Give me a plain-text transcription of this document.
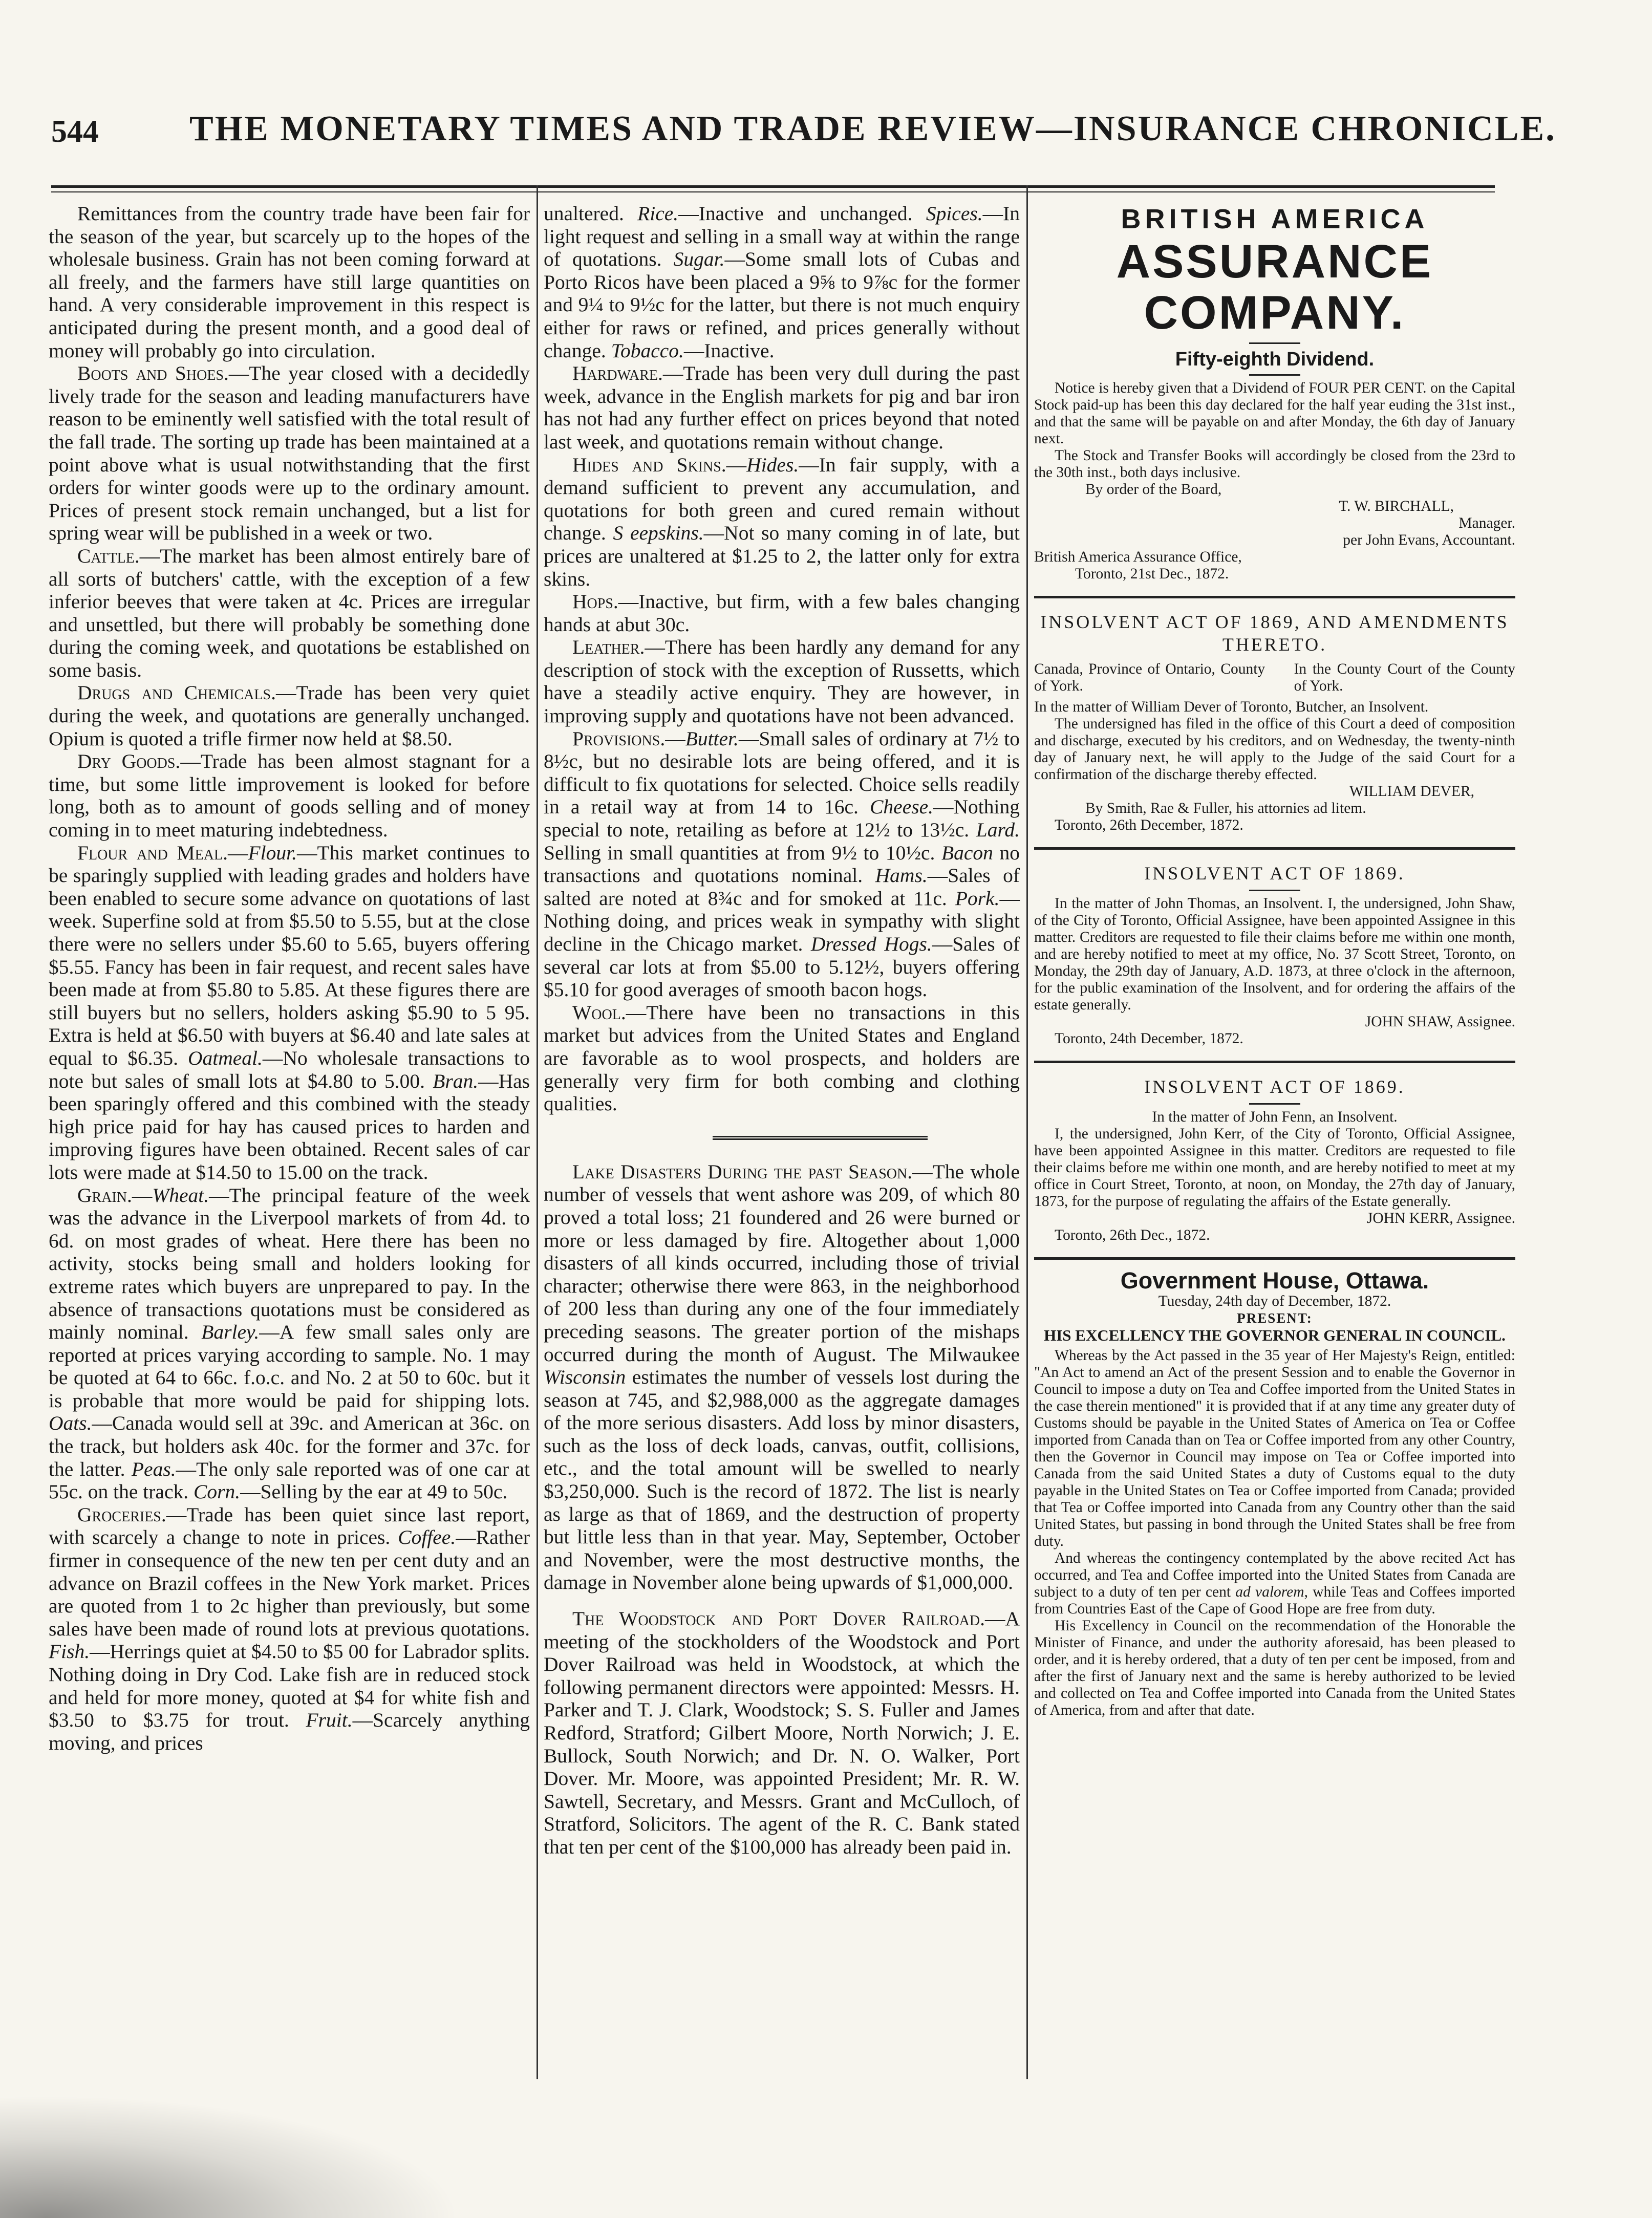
544	THE MONETARY TIMES AND TRADE REVIEW—INSURANCE CHRONICLE.

Remittances from the country trade have been fair for the season of the year, but scarcely up to the hopes of the wholesale business. Grain has not been coming forward at all freely, and the farmers have still large quantities on hand. A very considerable improvement in this respect is anticipated during the present month, and a good deal of money will probably go into circulation.

Boots and Shoes.—The year closed with a decidedly lively trade for the season and leading manufacturers have reason to be eminently well satisfied with the total result of the fall trade. The sorting up trade has been maintained at a point above what is usual notwithstanding that the first orders for winter goods were up to the ordinary amount. Prices of present stock remain unchanged, but a list for spring wear will be published in a week or two.

Cattle.—The market has been almost entirely bare of all sorts of butchers' cattle, with the exception of a few inferior beeves that were taken at 4c. Prices are irregular and unsettled, but there will probably be something done during the coming week, and quotations be established on some basis.

Drugs and Chemicals.—Trade has been very quiet during the week, and quotations are generally unchanged. Opium is quoted a trifle firmer now held at $8.50.

Dry Goods.—Trade has been almost stagnant for a time, but some little improvement is looked for before long, both as to amount of goods selling and of money coming in to meet maturing indebtedness.

Flour and Meal.—Flour.—This market continues to be sparingly supplied with leading grades and holders have been enabled to secure some advance on quotations of last week. Superfine sold at from $5.50 to 5.55, but at the close there were no sellers under $5.60 to 5.65, buyers offering $5.55. Fancy has been in fair request, and recent sales have been made at from $5.80 to 5.85. At these figures there are still buyers but no sellers, holders asking $5.90 to 5 95. Extra is held at $6.50 with buyers at $6.40 and late sales at equal to $6.35. Oatmeal.—No wholesale transactions to note but sales of small lots at $4.80 to 5.00. Bran.—Has been sparingly offered and this combined with the steady high price paid for hay has caused prices to harden and improving figures have been obtained. Recent sales of car lots were made at $14.50 to 15.00 on the track.

Grain.—Wheat.—The principal feature of the week was the advance in the Liverpool markets of from 4d. to 6d. on most grades of wheat. Here there has been no activity, stocks being small and holders looking for extreme rates which buyers are unprepared to pay. In the absence of transactions quotations must be considered as mainly nominal. Barley.—A few small sales only are reported at prices varying according to sample. No. 1 may be quoted at 64 to 66c. f.o.c. and No. 2 at 50 to 60c. but it is probable that more would be paid for shipping lots. Oats.—Canada would sell at 39c. and American at 36c. on the track, but holders ask 40c. for the former and 37c. for the latter. Peas.—The only sale reported was of one car at 55c. on the track. Corn.—Selling by the ear at 49 to 50c.

Groceries.—Trade has been quiet since last report, with scarcely a change to note in prices. Coffee.—Rather firmer in consequence of the new ten per cent duty and an advance on Brazil coffees in the New York market. Prices are quoted from 1 to 2c higher than previously, but some sales have been made of round lots at previous quotations. Fish.—Herrings quiet at $4.50 to $5 00 for Labrador splits. Nothing doing in Dry Cod. Lake fish are in reduced stock and held for more money, quoted at $4 for white fish and $3.50 to $3.75 for trout. Fruit.—Scarcely anything moving, and prices

unaltered. Rice.—Inactive and unchanged. Spices.—In light request and selling in a small way at within the range of quotations. Sugar.—Some small lots of Cubas and Porto Ricos have been placed a 9⅝ to 9⅞c for the former and 9¼ to 9½c for the latter, but there is not much enquiry either for raws or refined, and prices generally without change. Tobacco.—Inactive.

Hardware.—Trade has been very dull during the past week, advance in the English markets for pig and bar iron has not had any further effect on prices beyond that noted last week, and quotations remain without change.

Hides and Skins.—Hides.—In fair supply, with a demand sufficient to prevent any accumulation, and quotations for both green and cured remain without change. S eepskins.—Not so many coming in of late, but prices are unaltered at $1.25 to 2, the latter only for extra skins.

Hops.—Inactive, but firm, with a few bales changing hands at abut 30c.

Leather.—There has been hardly any demand for any description of stock with the exception of Russetts, which have a steadily active enquiry. They are however, in improving supply and quotations have not been advanced.

Provisions.—Butter.—Small sales of ordinary at 7½ to 8½c, but no desirable lots are being offered, and it is difficult to fix quotations for selected. Choice sells readily in a retail way at from 14 to 16c. Cheese.—Nothing special to note, retailing as before at 12½ to 13½c. Lard. Selling in small quantities at from 9½ to 10½c. Bacon no transactions and quotations nominal. Hams.—Sales of salted are noted at 8¾c and for smoked at 11c. Pork.—Nothing doing, and prices weak in sympathy with slight decline in the Chicago market. Dressed Hogs.—Sales of several car lots at from $5.00 to 5.12½, buyers offering $5.10 for good averages of smooth bacon hogs.

Wool.—There have been no transactions in this market but advices from the United States and England are favorable as to wool prospects, and holders are generally very firm for both combing and clothing qualities.

Lake Disasters During the past Season.—The whole number of vessels that went ashore was 209, of which 80 proved a total loss; 21 foundered and 26 were burned or more or less damaged by fire. Altogether about 1,000 disasters of all kinds occurred, including those of trivial character; otherwise there were 863, in the neighborhood of 200 less than during any one of the four immediately preceding seasons. The greater portion of the mishaps occurred during the month of August. The Milwaukee Wisconsin estimates the number of vessels lost during the season at 745, and $2,988,000 as the aggregate damages of the more serious disasters. Add loss by minor disasters, such as the loss of deck loads, canvas, outfit, collisions, etc., and the total amount will be swelled to nearly $3,250,000. Such is the record of 1872. The list is nearly as large as that of 1869, and the destruction of property but little less than in that year. May, September, October and November, were the most destructive months, the damage in November alone being upwards of $1,000,000.

The Woodstock and Port Dover Railroad.—A meeting of the stockholders of the Woodstock and Port Dover Railroad was held in Woodstock, at which the following permanent directors were appointed: Messrs. H. Parker and T. J. Clark, Woodstock; S. S. Fuller and James Redford, Stratford; Gilbert Moore, North Norwich; J. E. Bullock, South Norwich; and Dr. N. O. Walker, Port Dover. Mr. Moore, was appointed President; Mr. R. W. Sawtell, Secretary, and Messrs. Grant and McCulloch, of Stratford, Solicitors. The agent of the R. C. Bank stated that ten per cent of the $100,000 has already been paid in.

BRITISH AMERICA
ASSURANCE COMPANY.
Fifty-eighth Dividend.

Notice is hereby given that a Dividend of FOUR PER CENT. on the Capital Stock paid-up has been this day declared for the half year euding the 31st inst., and that the same will be payable on and after Monday, the 6th day of January next.

The Stock and Transfer Books will accordingly be closed from the 23rd to the 30th inst., both days inclusive.

By order of the Board,

T. W. BIRCHALL,

Manager.

per John Evans, Accountant.

British America Assurance Office,

Toronto, 21st Dec., 1872.

INSOLVENT ACT OF 1869, AND AMENDMENTS THERETO.
Canada, Province of Ontario, County of York.
In the County Court of the County of York.

In the matter of William Dever of Toronto, Butcher, an Insolvent.

The undersigned has filed in the office of this Court a deed of composition and discharge, executed by his creditors, and on Wednesday, the twenty-ninth day of January next, he will apply to the Judge of the said Court for a confirmation of the discharge thereby effected.

WILLIAM DEVER,

By Smith, Rae & Fuller, his attornies ad litem.

Toronto, 26th December, 1872.

INSOLVENT ACT OF 1869.

In the matter of John Thomas, an Insolvent. I, the undersigned, John Shaw, of the City of Toronto, Official Assignee, have been appointed Assignee in this matter. Creditors are requested to file their claims before me within one month, and are hereby notified to meet at my office, No. 37 Scott Street, Toronto, on Monday, the 29th day of January, A.D. 1873, at three o'clock in the afternoon, for the public examination of the Insolvent, and for ordering the affairs of the estate generally.

JOHN SHAW, Assignee.

Toronto, 24th December, 1872.

INSOLVENT ACT OF 1869.

In the matter of John Fenn, an Insolvent.

I, the undersigned, John Kerr, of the City of Toronto, Official Assignee, have been appointed Assignee in this matter. Creditors are requested to file their claims before me within one month, and are hereby notified to meet at my office in Court Street, Toronto, at noon, on Monday, the 27th day of January, 1873, for the purpose of regulating the affairs of the Estate generally.

JOHN KERR, Assignee.

Toronto, 26th Dec., 1872.

Government House, Ottawa.

Tuesday, 24th day of December, 1872.

PRESENT:
HIS EXCELLENCY THE GOVERNOR GENERAL IN COUNCIL.

Whereas by the Act passed in the 35 year of Her Majesty's Reign, entitled: "An Act to amend an Act of the present Session and to enable the Governor in Council to impose a duty on Tea and Coffee imported from the United States in the case therein mentioned" it is provided that if at any time any greater duty of Customs should be payable in the United States of America on Tea or Coffee imported from Canada than on Tea or Coffee imported from any other Country, then the Governor in Council may impose on Tea or Coffee imported into Canada from the said United States a duty of Customs equal to the duty payable in the United States on Tea or Coffee imported from Canada; provided that Tea or Coffee imported into Canada from any Country other than the said United States, but passing in bond through the United States shall be free from duty.

And whereas the contingency contemplated by the above recited Act has occurred, and Tea and Coffee imported into the United States from Canada are subject to a duty of ten per cent ad valorem, while Teas and Coffees imported from Countries East of the Cape of Good Hope are free from duty.

His Excellency in Council on the recommendation of the Honorable the Minister of Finance, and under the authority aforesaid, has been pleased to order, and it is hereby ordered, that a duty of ten per cent be imposed, from and after the first of January next and the same is hereby authorized to be levied and collected on Tea and Coffee imported into Canada from the United States of America, from and after that date.
